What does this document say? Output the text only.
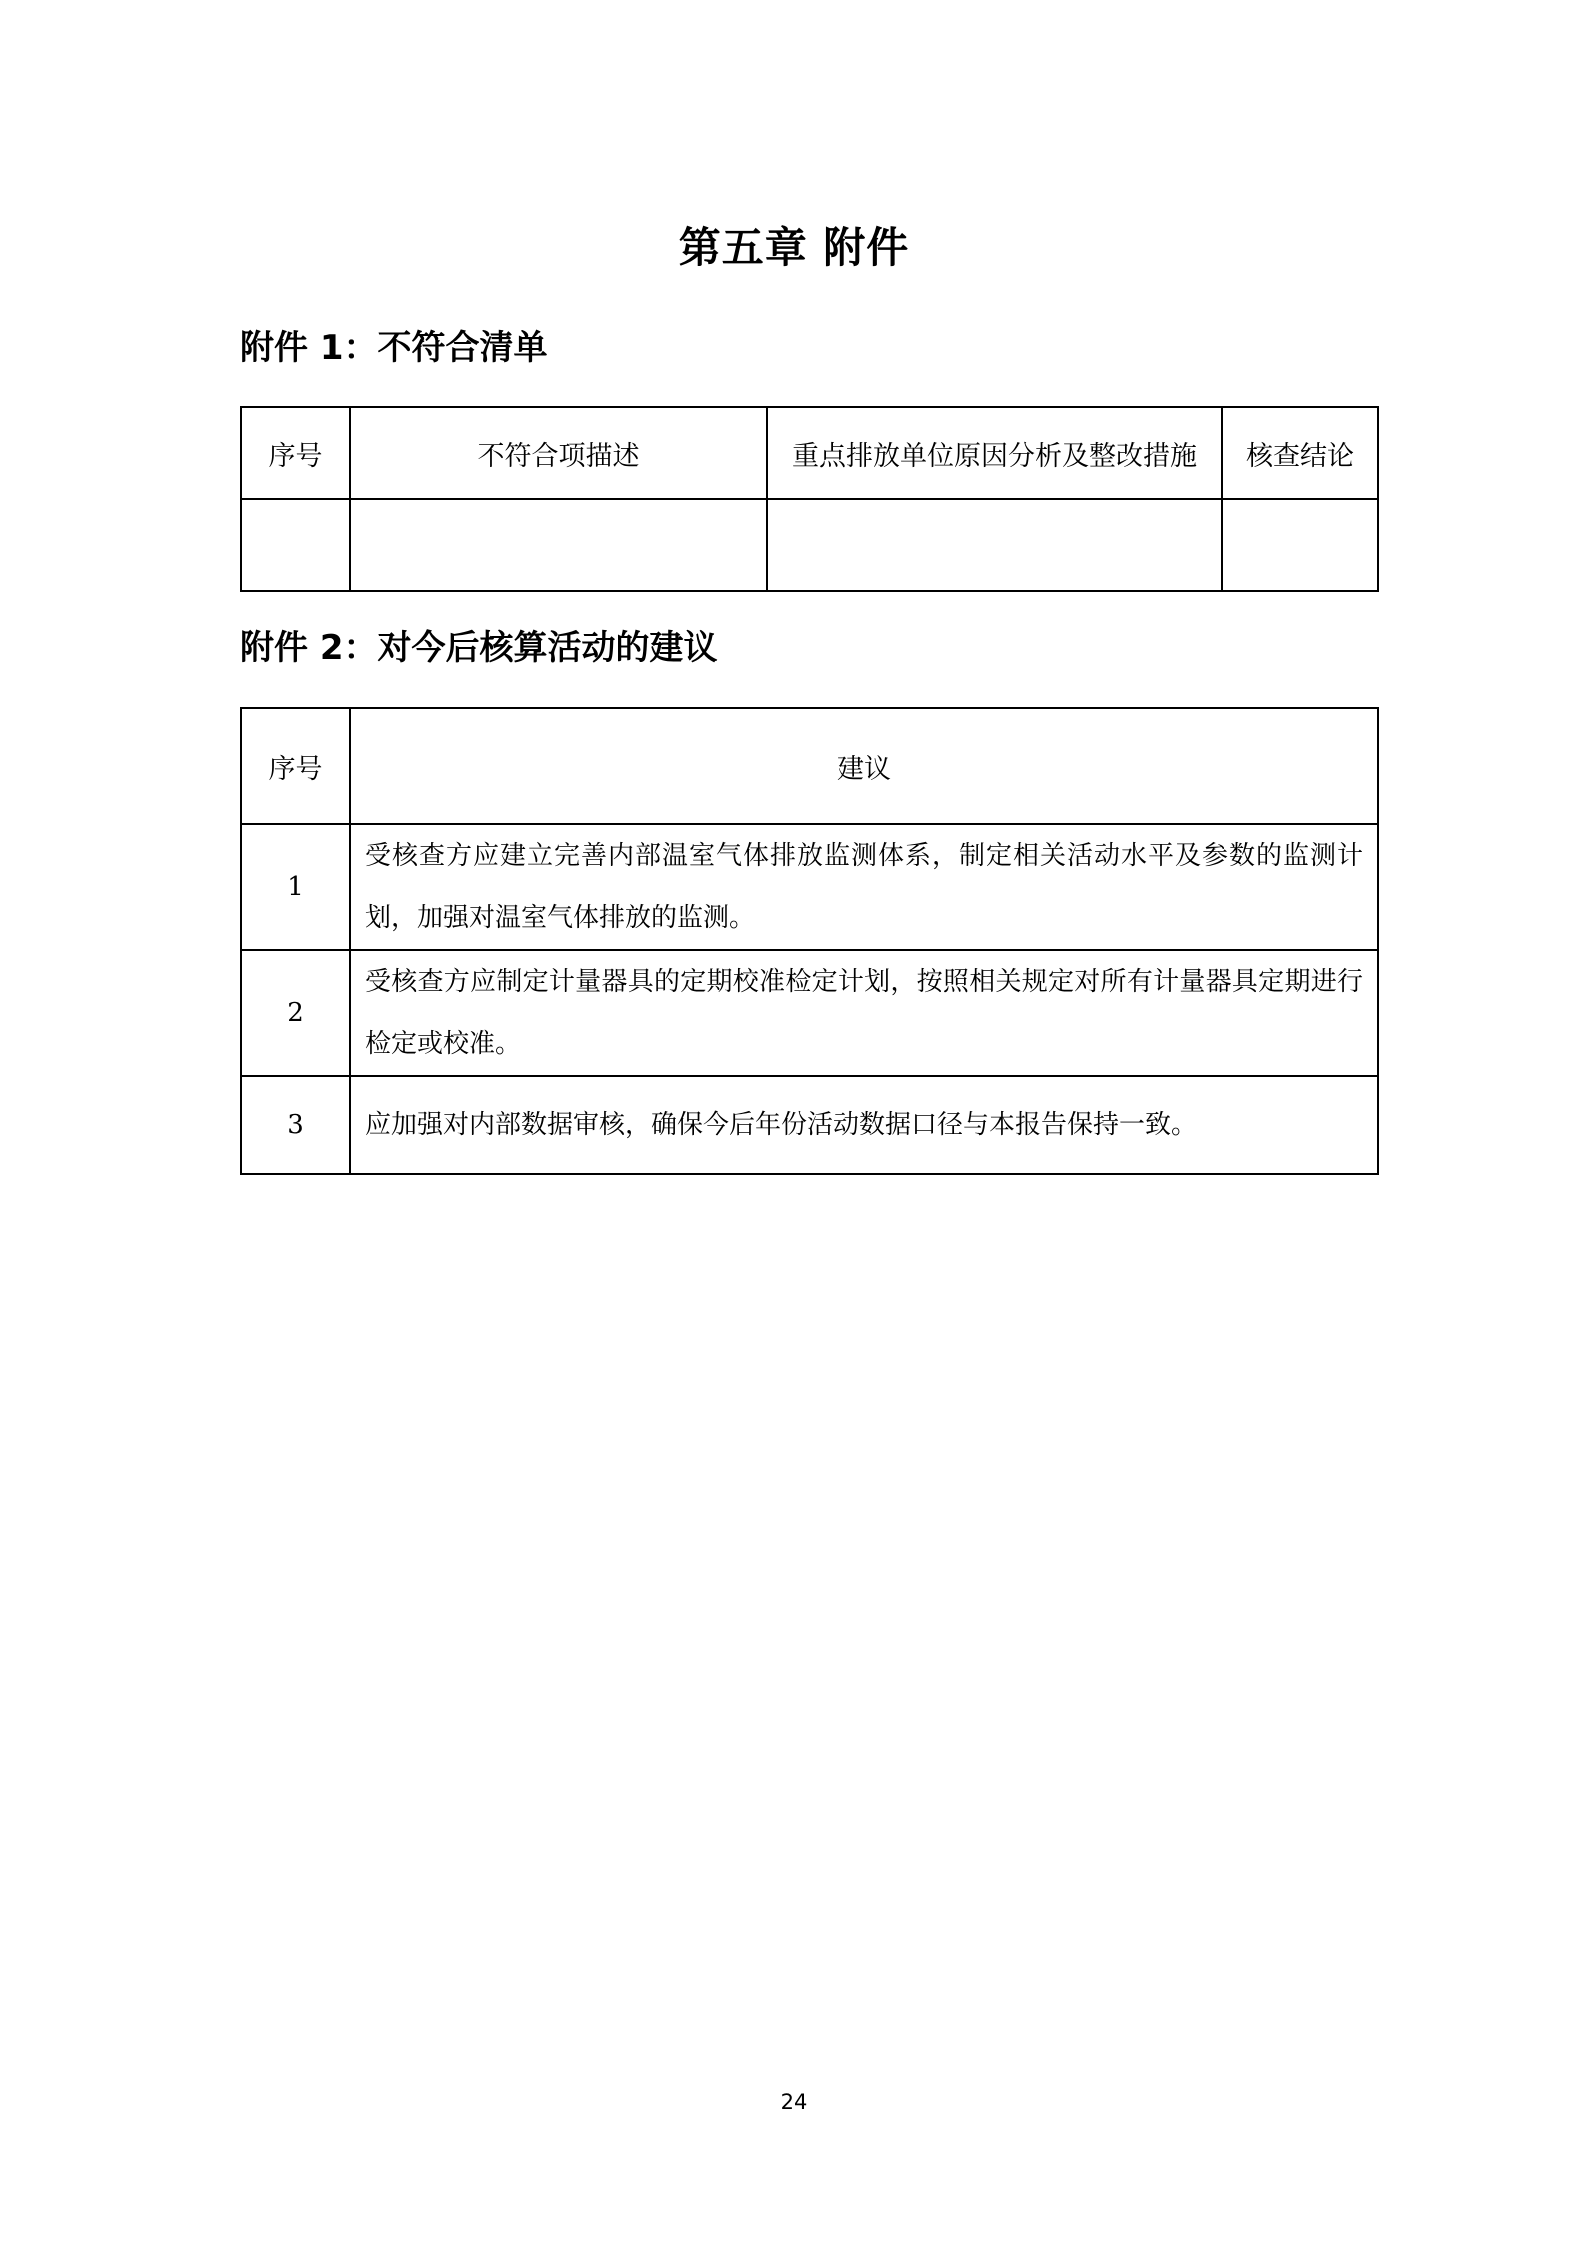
第五章 附件
附件 1：不符合清单
序号	不符合项描述	重点排放单位原因分析及整改措施	核查结论

附件 2：对今后核算活动的建议
序号	建议
1	受核查方应建立完善内部温室气体排放监测体系，制定相关活动水平及参数的监测计划，加强对温室气体排放的监测。
2	受核查方应制定计量器具的定期校准检定计划，按照相关规定对所有计量器具定期进行检定或校准。
3	应加强对内部数据审核，确保今后年份活动数据口径与本报告保持一致。
24
